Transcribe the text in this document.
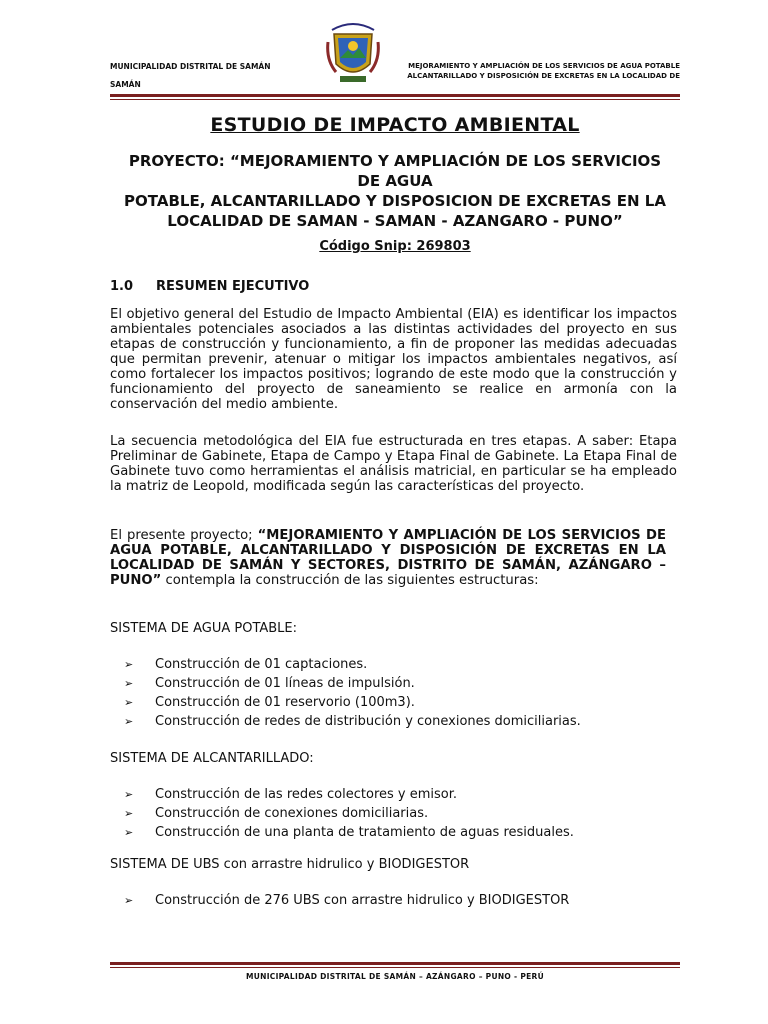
MUNICIPALIDAD DISTRITAL DE SAMÁN
SAMÁN
MEJORAMIENTO Y AMPLIACIÓN DE LOS SERVICIOS DE AGUA POTABLE
ALCANTARILLADO Y DISPOSICIÓN DE EXCRETAS EN LA LOCALIDAD DE
ESTUDIO DE IMPACTO AMBIENTAL
PROYECTO: “MEJORAMIENTO Y AMPLIACIÓN DE LOS SERVICIOS
DE AGUA
POTABLE, ALCANTARILLADO Y DISPOSICION DE EXCRETAS EN LA
LOCALIDAD DE SAMAN - SAMAN - AZANGARO - PUNO”
Código Snip: 269803
1.0 RESUMEN EJECUTIVO
El objetivo general del Estudio de Impacto Ambiental (EIA) es identificar los impactos ambientales potenciales asociados a las distintas actividades del proyecto en sus etapas de construcción y funcionamiento, a fin de proponer las medidas adecuadas que permitan prevenir, atenuar o mitigar los impactos ambientales negativos, así como fortalecer los impactos positivos; logrando de este modo que la construcción y funcionamiento del proyecto de saneamiento se realice en armonía con la conservación del medio ambiente.
La secuencia metodológica del EIA fue estructurada en tres etapas. A saber: Etapa Preliminar de Gabinete, Etapa de Campo y Etapa Final de Gabinete. La Etapa Final de Gabinete tuvo como herramientas el análisis matricial, en particular se ha empleado la matriz de Leopold, modificada según las características del proyecto.
El presente proyecto; “MEJORAMIENTO Y AMPLIACIÓN DE LOS SERVICIOS DE AGUA POTABLE, ALCANTARILLADO Y DISPOSICIÓN DE EXCRETAS EN LA LOCALIDAD DE SAMÁN Y SECTORES, DISTRITO DE SAMÁN, AZÁNGARO – PUNO” contempla la construcción de las siguientes estructuras:
SISTEMA DE AGUA POTABLE:
➢ Construcción de 01 captaciones.
➢ Construcción de 01 líneas de impulsión.
➢ Construcción de 01 reservorio (100m3).
➢ Construcción de redes de distribución y conexiones domiciliarias.
SISTEMA DE ALCANTARILLADO:
➢ Construcción de las redes colectores y emisor.
➢ Construcción de conexiones domiciliarias.
➢ Construcción de una planta de tratamiento de aguas residuales.
SISTEMA DE UBS con arrastre hidrulico y BIODIGESTOR
➢ Construcción de 276 UBS con arrastre hidrulico y BIODIGESTOR
MUNICIPALIDAD DISTRITAL DE SAMÁN – AZÁNGARO – PUNO - PERÚ
